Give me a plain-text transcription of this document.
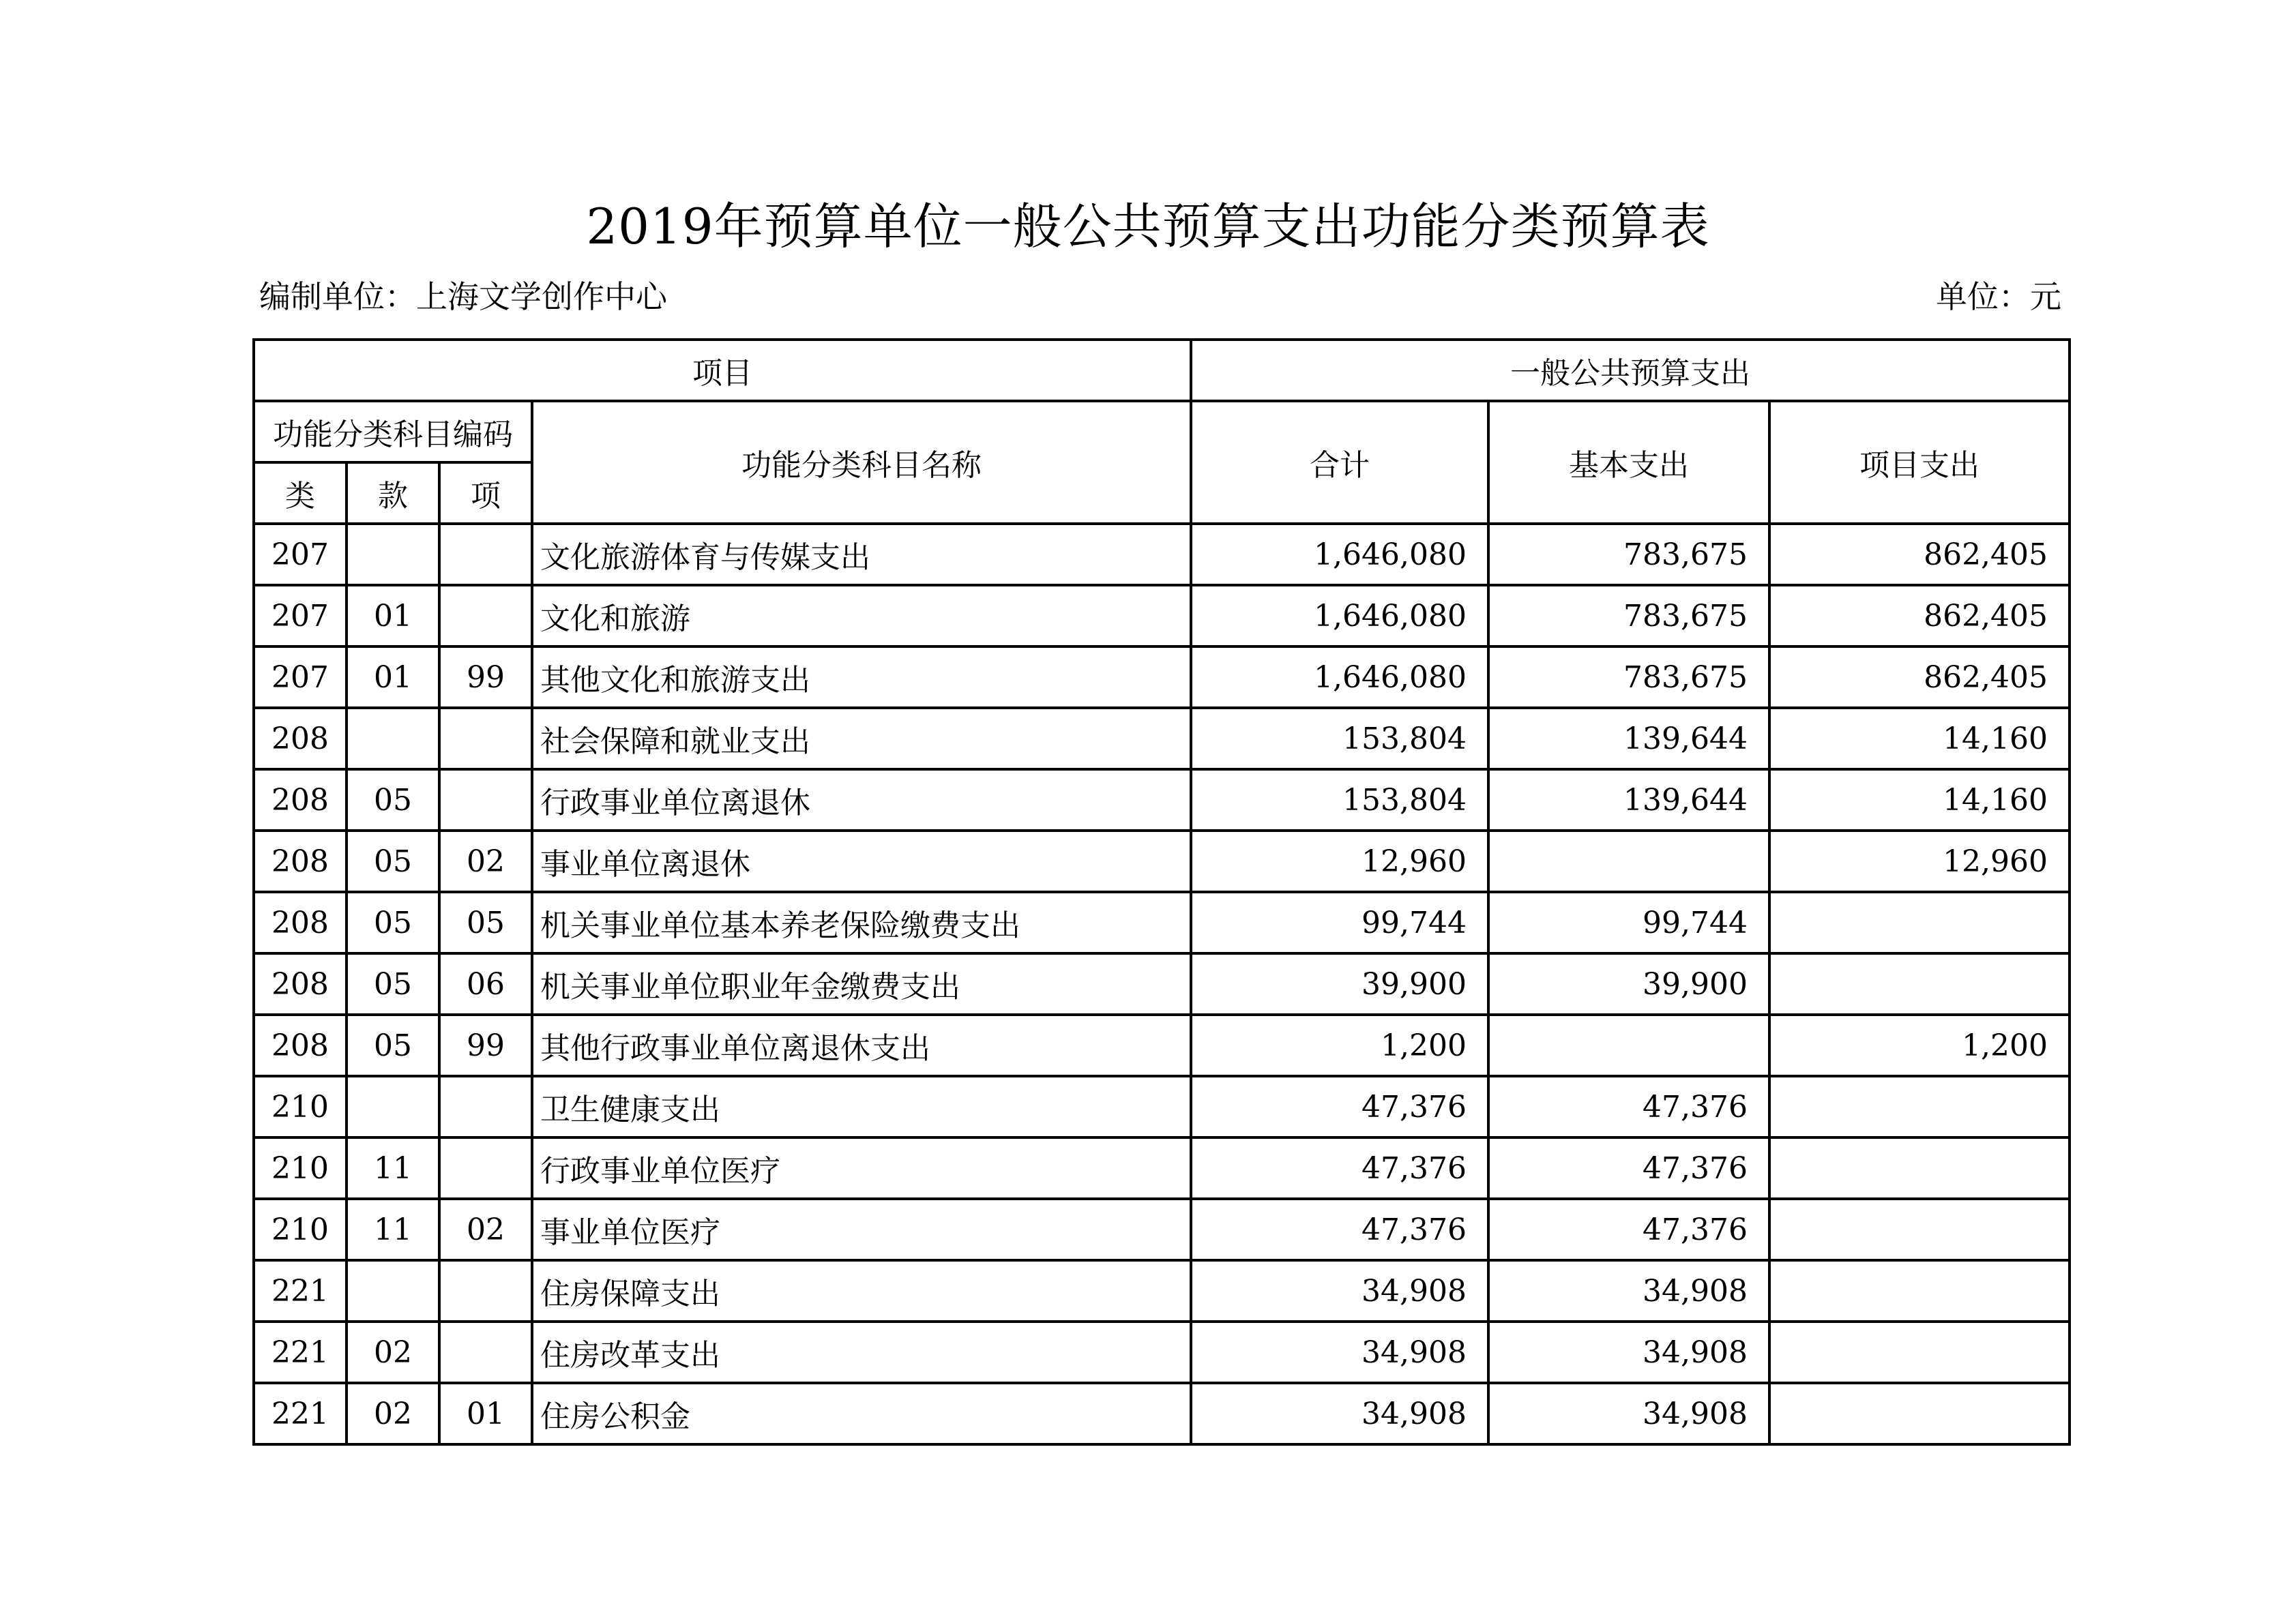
2019年预算单位一般公共预算支出功能分类预算表
编制单位：上海文学创作中心	单位：元
项目				一般公共预算支出		
功能分类科目编码			功能分类科目名称	合计	基本支出	项目支出
类	款	项				
207			文化旅游体育与传媒支出	1,646,080	783,675	862,405
207	01		文化和旅游	1,646,080	783,675	862,405
207	01	99	其他文化和旅游支出	1,646,080	783,675	862,405
208			社会保障和就业支出	153,804	139,644	14,160
208	05		行政事业单位离退休	153,804	139,644	14,160
208	05	02	事业单位离退休	12,960		12,960
208	05	05	机关事业单位基本养老保险缴费支出	99,744	99,744	
208	05	06	机关事业单位职业年金缴费支出	39,900	39,900	
208	05	99	其他行政事业单位离退休支出	1,200		1,200
210			卫生健康支出	47,376	47,376	
210	11		行政事业单位医疗	47,376	47,376	
210	11	02	事业单位医疗	47,376	47,376	
221			住房保障支出	34,908	34,908	
221	02		住房改革支出	34,908	34,908	
221	02	01	住房公积金	34,908	34,908	
